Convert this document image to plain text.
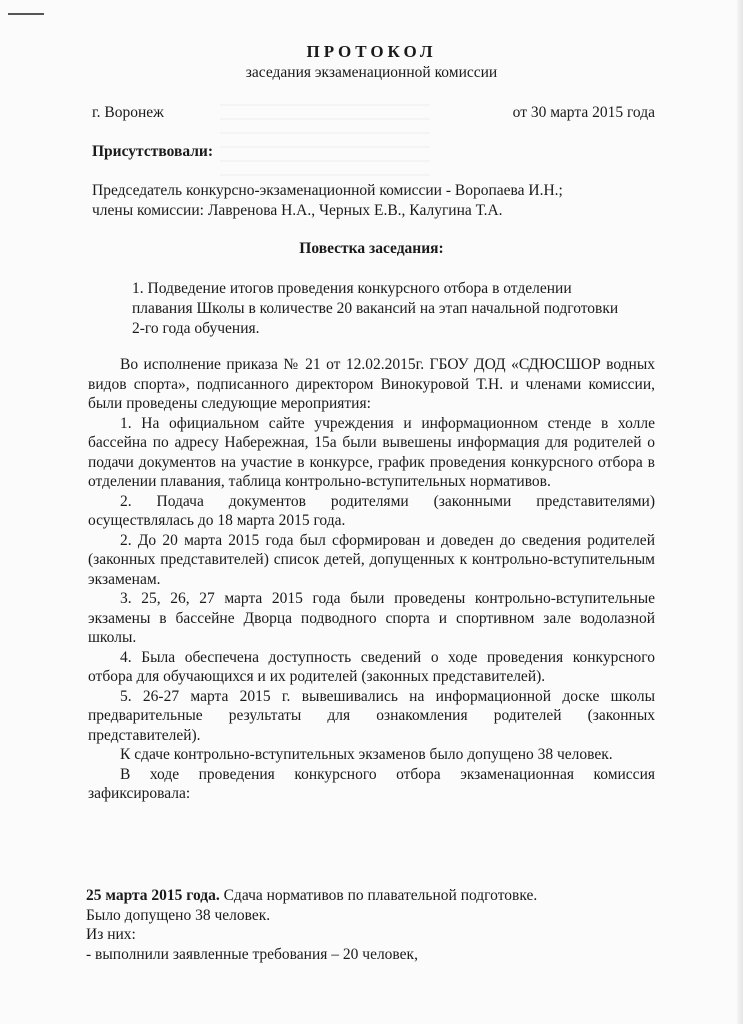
ПРОТОКОЛ
заседания экзаменационной комиссии
г. Воронеж	от 30 марта 2015 года
Присутствовали:
Председатель конкурсно-экзаменационной комиссии - Воропаева И.Н.;
члены комиссии: Лавренова Н.А., Черных Е.В., Калугина Т.А.
Повестка заседания:
1. Подведение итогов проведения конкурсного отбора в отделении плавания Школы в количестве 20 вакансий на этап начальной подготовки 2-го года обучения.

Во исполнение приказа № 21 от 12.02.2015г. ГБОУ ДОД «СДЮСШОР водных видов спорта», подписанного директором Винокуровой Т.Н. и членами комиссии, были проведены следующие мероприятия:

1. На официальном сайте учреждения и информационном стенде в холле бассейна по адресу Набережная, 15а были вывешены информация для родителей о подачи документов на участие в конкурсе, график проведения конкурсного отбора в отделении плавания, таблица контрольно-вступительных нормативов.

2. Подача документов родителями (законными представителями) осуществлялась до 18 марта 2015 года.

2. До 20 марта 2015 года был сформирован и доведен до сведения родителей (законных представителей) список детей, допущенных к контрольно-вступительным экзаменам.

3. 25, 26, 27 марта 2015 года были проведены контрольно-вступительные экзамены в бассейне Дворца подводного спорта и спортивном зале водолазной школы.

4. Была обеспечена доступность сведений о ходе проведения конкурсного отбора для обучающихся и их родителей (законных представителей).

5. 26-27 марта 2015 г. вывешивались на информационной доске школы предварительные результаты для ознакомления родителей (законных представителей).

К сдаче контрольно-вступительных экзаменов было допущено 38 человек.

В ходе проведения конкурсного отбора экзаменационная комиссия зафиксировала:

25 марта 2015 года. Сдача нормативов по плавательной подготовке.

Было допущено 38 человек.

Из них:

- выполнили заявленные требования – 20 человек,
